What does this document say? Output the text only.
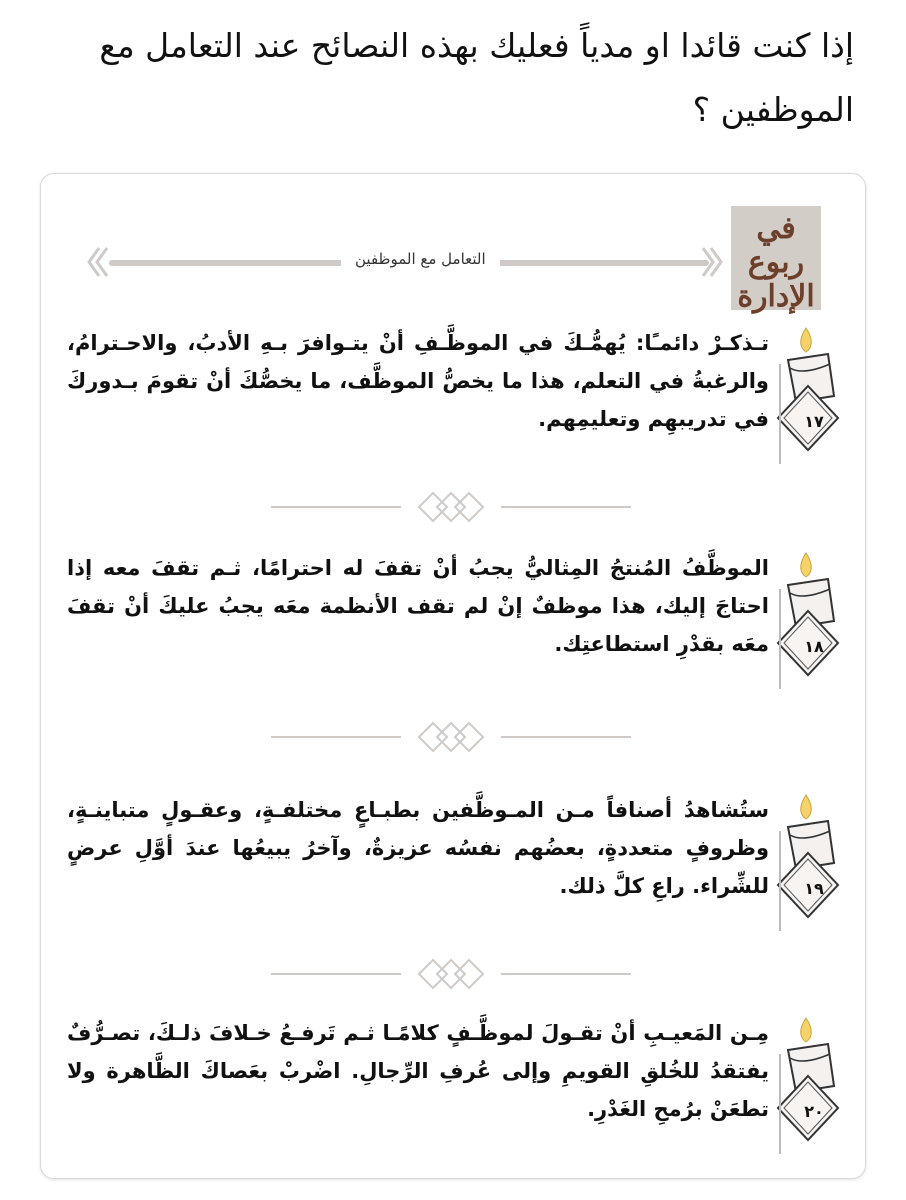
إذا كنت قائدا او مدياً فعليك بهذه النصائح عند التعامل مع الموظفين ؟
التعامل مع الموظفين
في ربوع الإدارة
تـذكـرْ دائمـًا: يُهمُّـكَ في الموظَّـفِ أنْ يتـوافرَ بـهِ الأدبُ، والاحـترامُ، والرغبةُ في التعلم، هذا ما يخصُّ الموظَّف، ما يخصُّكَ أنْ تقومَ بـدوركَ في تدريبهِم وتعليمِهم.	١٧
الموظَّفُ المُنتجُ المِثاليُّ يجبُ أنْ تقفَ له احترامًا، ثـم تقفَ معه إذا احتاجَ إليك، هذا موظفٌ إنْ لم تقف الأنظمة معَه يجبُ عليكَ أنْ تقفَ معَه بقدْرِ استطاعتِك.	١٨
ستُشاهدُ أصنافاً مـن المـوظَّفين بطبـاعٍ مختلفـةٍ، وعقـولٍ متباينـةٍ، وظروفٍ متعددةٍ، بعضُهم نفسُه عزيزةٌ، وآخرُ يبيعُها عندَ أوَّلِ عرضٍ للشِّراء. راعِ كلَّ ذلك.	١٩
مِـن المَعيـبِ أنْ تقـولَ لموظَّـفٍ كلامًـا ثـم تَرفـعُ خـلافَ ذلـكَ، تصـرُّفٌ يفتقدُ للخُلقِ القويمِ وإلى عُرفِ الرِّجالِ. اضْربْ بعَصاكَ الظَّاهرة ولا تطعَنْ برُمحِ الغَدْرِ.	٢٠
